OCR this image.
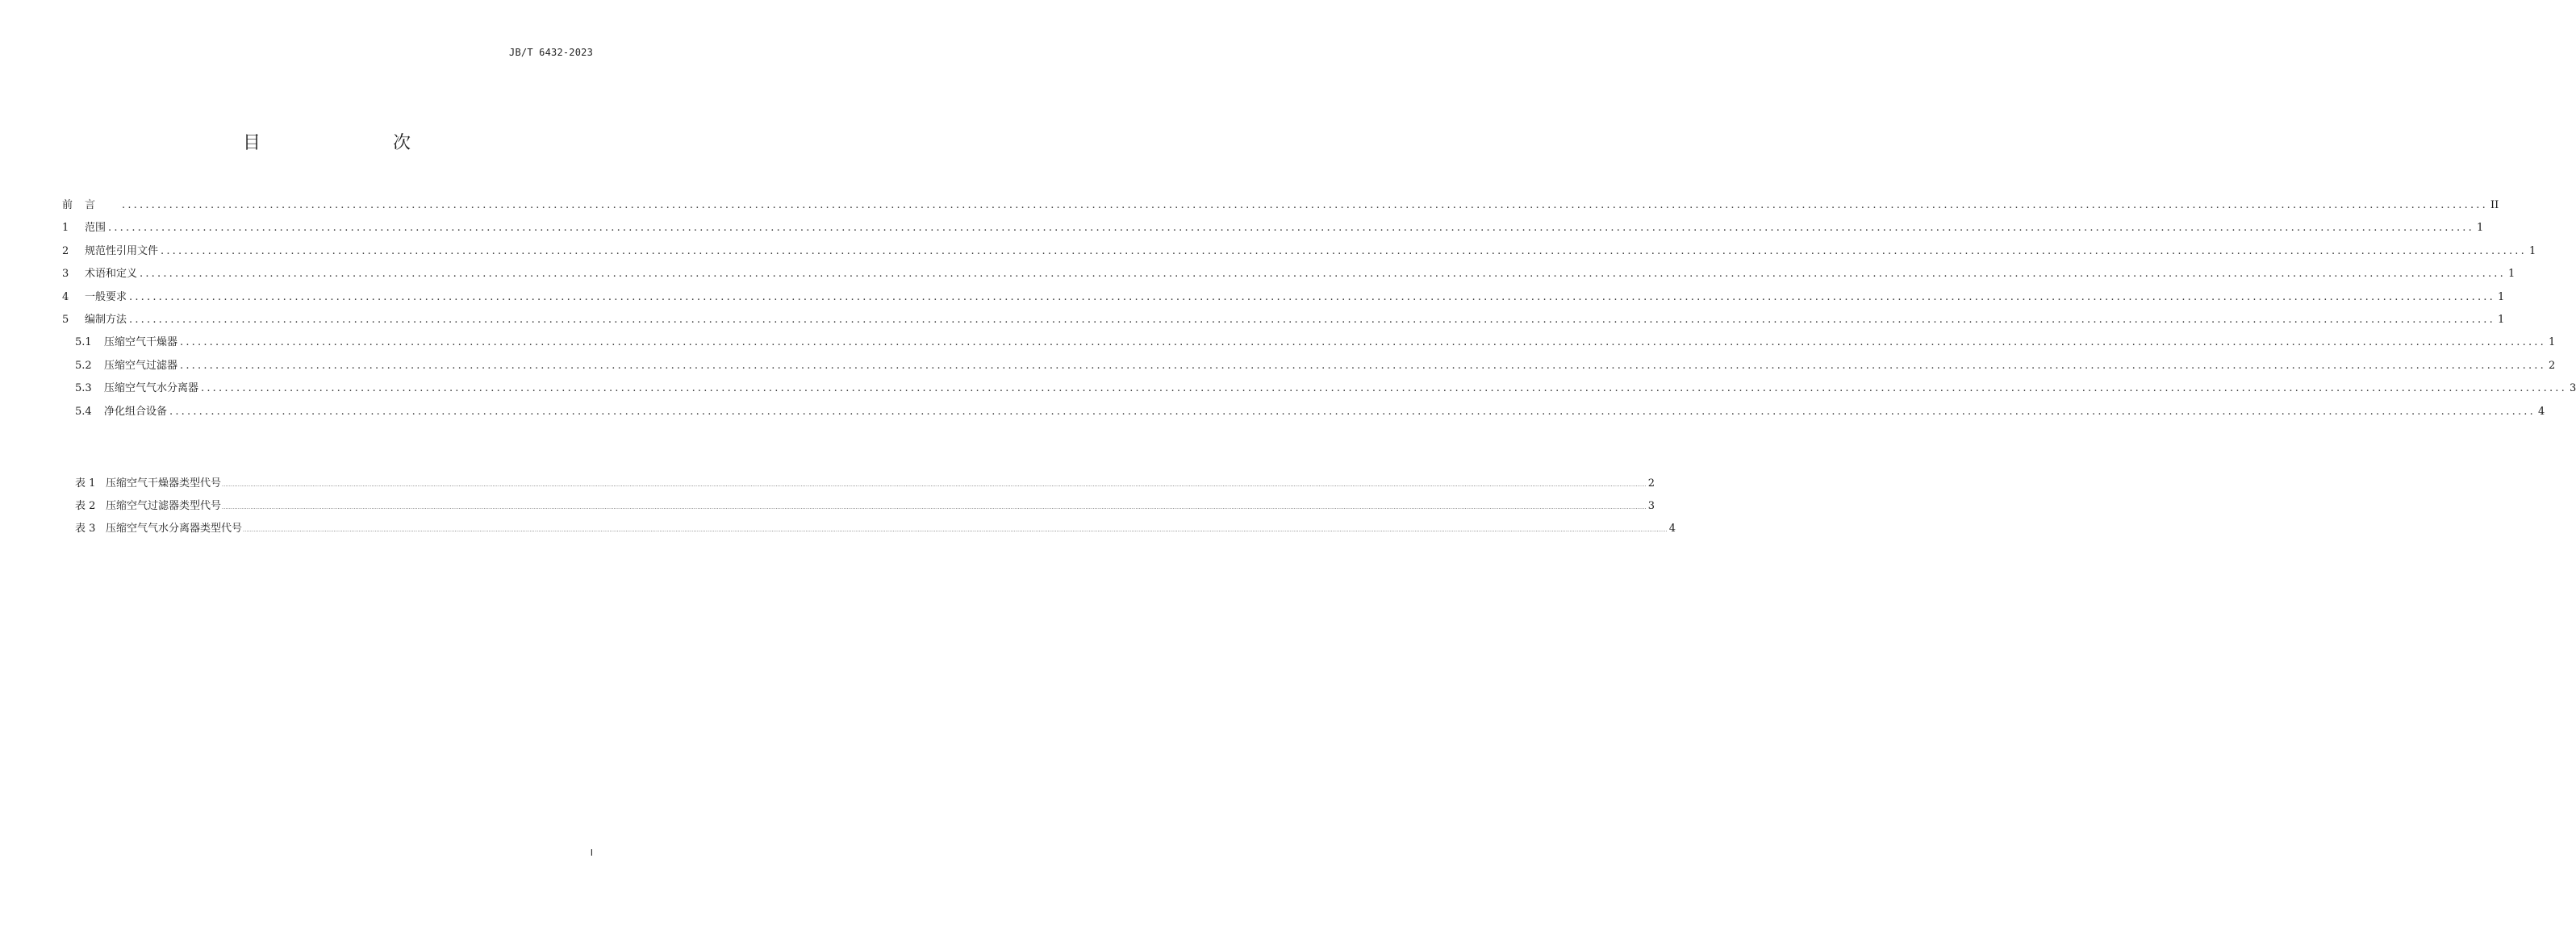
JB/T 6432-2023
目　　次
前	言 ................................................................................................................................................................................................................................................................................................................................................................................................................ II
1	范围 ................................................................................................................................................................................................................................................................................................................................................................................................................ 1
2	规范性引用文件 ................................................................................................................................................................................................................................................................................................................................................................................................................ 1
3	术语和定义 ................................................................................................................................................................................................................................................................................................................................................................................................................ 1
4	一般要求 ................................................................................................................................................................................................................................................................................................................................................................................................................ 1
5	编制方法 ................................................................................................................................................................................................................................................................................................................................................................................................................ 1
5.1	压缩空气干燥器 ................................................................................................................................................................................................................................................................................................................................................................................................................ 1
5.2	压缩空气过滤器 ................................................................................................................................................................................................................................................................................................................................................................................................................ 2
5.3	压缩空气气水分离器 ................................................................................................................................................................................................................................................................................................................................................................................................................ 3
5.4	净化组合设备 ................................................................................................................................................................................................................................................................................................................................................................................................................ 4
表 1 压缩空气干燥器类型代号 ................................................................................................................................................................................................................................................................................................................................................................................................................................................................................................................................................................................................................................................................................................................................................................................................................................ 2
表 2 压缩空气过滤器类型代号 ................................................................................................................................................................................................................................................................................................................................................................................................................................................................................................................................................................................................................................................................................................................................................................................................................................ 3
表 3 压缩空气气水分离器类型代号 ................................................................................................................................................................................................................................................................................................................................................................................................................................................................................................................................................................................................................................................................................................................................................................................................................................ 4
I
